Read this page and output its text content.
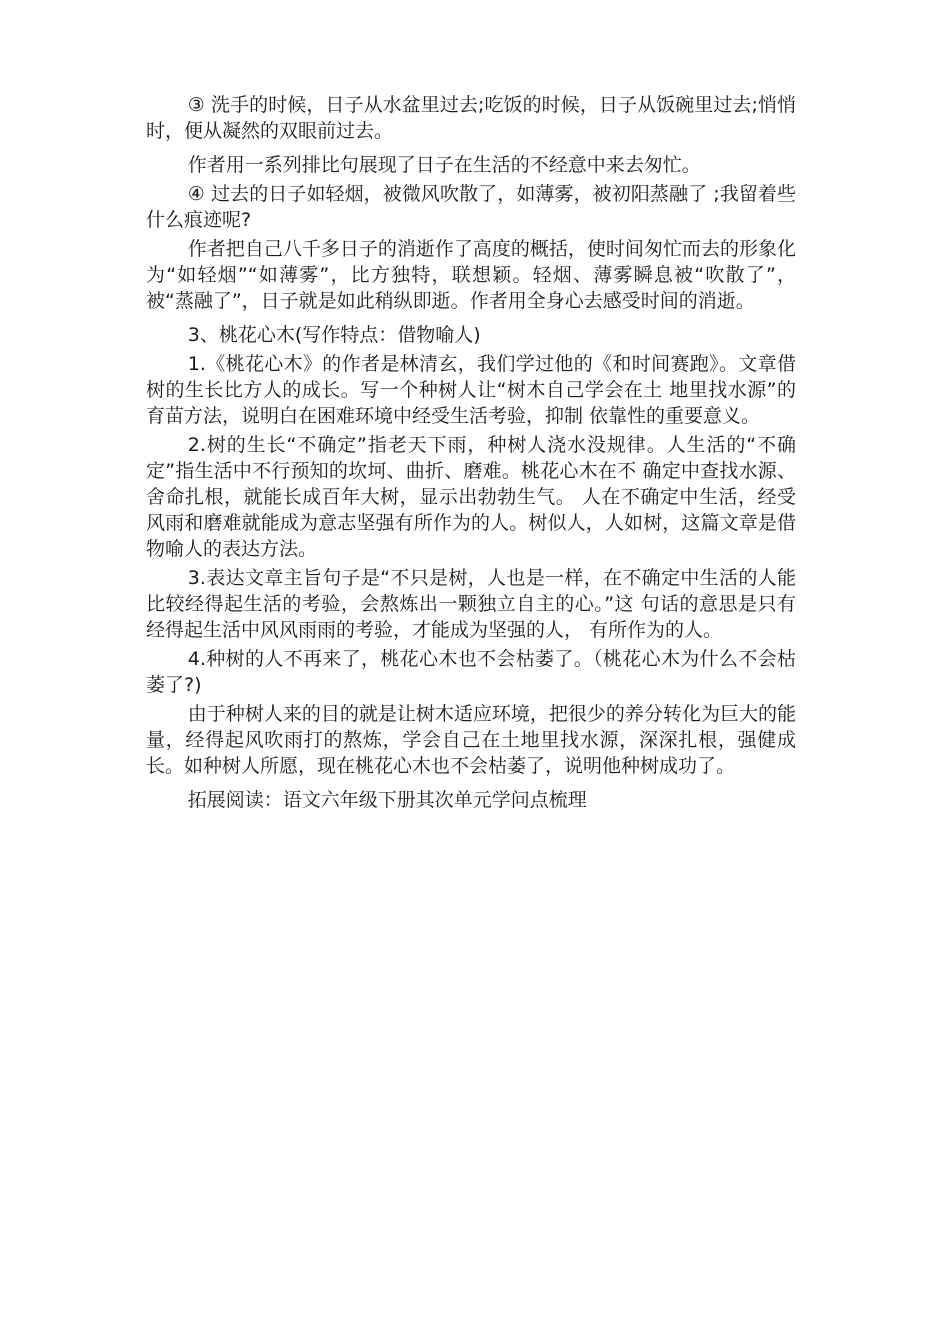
③ 洗手的时候，日子从水盆里过去;吃饭的时候，日子从饭碗里过去;悄悄时，便从凝然的双眼前过去。

作者用一系列排比句展现了日子在生活的不经意中来去匆忙。

④ 过去的日子如轻烟，被微风吹散了，如薄雾，被初阳蒸融了 ;我留着些什么痕迹呢?

作者把自己八千多日子的消逝作了高度的概括，使时间匆忙而去的形象化为“如轻烟”“如薄雾”，比方独特，联想颖。轻烟、薄雾瞬息被“吹散了”，被“蒸融了”，日子就是如此稍纵即逝。作者用全身心去感受时间的消逝。

3、桃花心木(写作特点：借物喻人)

1.《桃花心木》的作者是林清玄，我们学过他的《和时间赛跑》。文章借树的生长比方人的成长。写一个种树人让“树木自己学会在土 地里找水源”的育苗方法，说明白在困难环境中经受生活考验，抑制 依靠性的重要意义。

2.树的生长“不确定”指老天下雨，种树人浇水没规律。人生活的“不确定”指生活中不行预知的坎坷、曲折、磨难。桃花心木在不 确定中查找水源、舍命扎根，就能长成百年大树，显示出勃勃生气。 人在不确定中生活，经受风雨和磨难就能成为意志坚强有所作为的人。树似人，人如树，这篇文章是借物喻人的表达方法。

3.表达文章主旨句子是“不只是树，人也是一样，在不确定中生活的人能比较经得起生活的考验，会熬炼出一颗独立自主的心。”这 句话的意思是只有经得起生活中风风雨雨的考验，才能成为坚强的人， 有所作为的人。

4.种树的人不再来了，桃花心木也不会枯萎了。（桃花心木为什么不会枯萎了?)

由于种树人来的目的就是让树木适应环境，把很少的养分转化为巨大的能量，经得起风吹雨打的熬炼，学会自己在土地里找水源，深深扎根，强健成长。如种树人所愿，现在桃花心木也不会枯萎了，说明他种树成功了。

拓展阅读：语文六年级下册其次单元学问点梳理
